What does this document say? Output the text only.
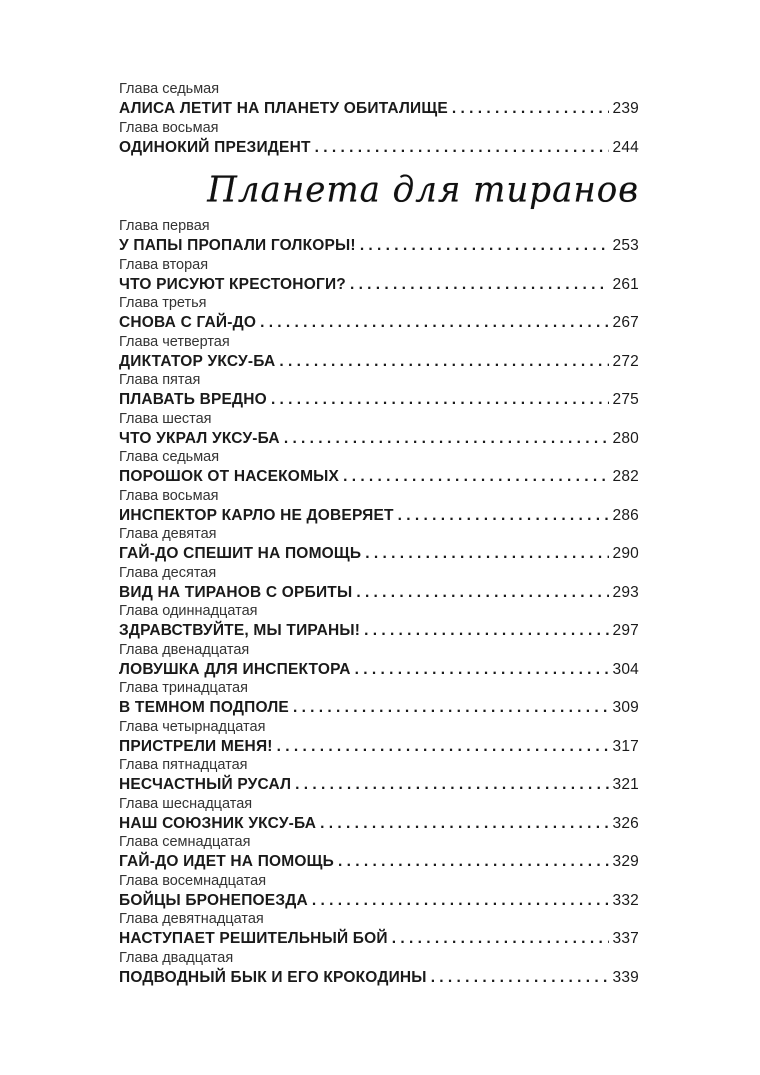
Глава седьмая
АЛИСА ЛЕТИТ НА ПЛАНЕТУ ОБИТАЛИЩЕ . . .	239
Глава восьмая
ОДИНОКИЙ ПРЕЗИДЕНТ . . .	244
Планета для тиранов
Глава первая
У ПАПЫ ПРОПАЛИ ГОЛКОРЫ! . . .	253
Глава вторая
ЧТО РИСУЮТ КРЕСТОНОГИ? . . .	261
Глава третья
СНОВА С ГАЙ-ДО . . .	267
Глава четвертая
ДИКТАТОР УКСУ-БА . . .	272
Глава пятая
ПЛАВАТЬ ВРЕДНО . . .	275
Глава шестая
ЧТО УКРАЛ УКСУ-БА . . .	280
Глава седьмая
ПОРОШОК ОТ НАСЕКОМЫХ . . .	282
Глава восьмая
ИНСПЕКТОР КАРЛО НЕ ДОВЕРЯЕТ . . .	286
Глава девятая
ГАЙ-ДО СПЕШИТ НА ПОМОЩЬ . . .	290
Глава десятая
ВИД НА ТИРАНОВ С ОРБИТЫ . . .	293
Глава одиннадцатая
ЗДРАВСТВУЙТЕ, МЫ ТИРАНЫ! . . .	297
Глава двенадцатая
ЛОВУШКА ДЛЯ ИНСПЕКТОРА . . .	304
Глава тринадцатая
В ТЕМНОМ ПОДПОЛЕ . . .	309
Глава четырнадцатая
ПРИСТРЕЛИ МЕНЯ! . . .	317
Глава пятнадцатая
НЕСЧАСТНЫЙ РУСАЛ . . .	321
Глава шеснадцатая
НАШ СОЮЗНИК УКСУ-БА . . .	326
Глава семнадцатая
ГАЙ-ДО ИДЕТ НА ПОМОЩЬ . . .	329
Глава восемнадцатая
БОЙЦЫ БРОНЕПОЕЗДА . . .	332
Глава девятнадцатая
НАСТУПАЕТ РЕШИТЕЛЬНЫЙ БОЙ . . .	337
Глава двадцатая
ПОДВОДНЫЙ БЫК И ЕГО КРОКОДИНЫ . . .	339
